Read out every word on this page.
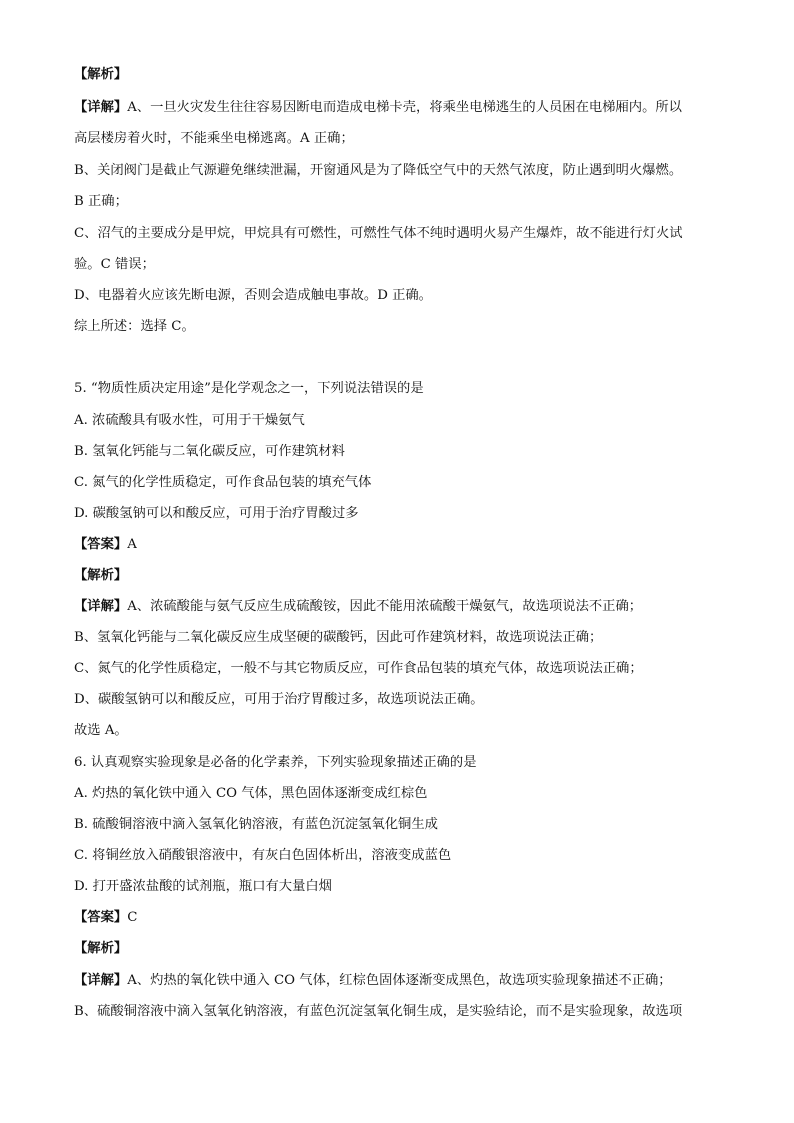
【解析】
【详解】A、一旦火灾发生往往容易因断电而造成电梯卡壳，将乘坐电梯逃生的人员困在电梯厢内。所以
高层楼房着火时，不能乘坐电梯逃离。A 正确；
B、关闭阀门是截止气源避免继续泄漏，开窗通风是为了降低空气中的天然气浓度，防止遇到明火爆燃。
B 正确；
C、沼气的主要成分是甲烷，甲烷具有可燃性，可燃性气体不纯时遇明火易产生爆炸，故不能进行灯火试
验。C 错误；
D、电器着火应该先断电源，否则会造成触电事故。D 正确。
综上所述：选择 C。
5. “物质性质决定用途”是化学观念之一，下列说法错误的是
A. 浓硫酸具有吸水性，可用于干燥氨气
B. 氢氧化钙能与二氧化碳反应，可作建筑材料
C. 氮气的化学性质稳定，可作食品包装的填充气体
D. 碳酸氢钠可以和酸反应，可用于治疗胃酸过多
【答案】A
【解析】
【详解】A、浓硫酸能与氨气反应生成硫酸铵，因此不能用浓硫酸干燥氨气，故选项说法不正确；
B、氢氧化钙能与二氧化碳反应生成坚硬的碳酸钙，因此可作建筑材料，故选项说法正确；
C、氮气的化学性质稳定，一般不与其它物质反应，可作食品包装的填充气体，故选项说法正确；
D、碳酸氢钠可以和酸反应，可用于治疗胃酸过多，故选项说法正确。
故选 A。
6. 认真观察实验现象是必备的化学素养，下列实验现象描述正确的是
A. 灼热的氧化铁中通入 CO 气体，黑色固体逐渐变成红棕色
B. 硫酸铜溶液中滴入氢氧化钠溶液，有蓝色沉淀氢氧化铜生成
C. 将铜丝放入硝酸银溶液中，有灰白色固体析出，溶液变成蓝色
D. 打开盛浓盐酸的试剂瓶，瓶口有大量白烟
【答案】C
【解析】
【详解】A、灼热的氧化铁中通入 CO 气体，红棕色固体逐渐变成黑色，故选项实验现象描述不正确；
B、硫酸铜溶液中滴入氢氧化钠溶液，有蓝色沉淀氢氧化铜生成，是实验结论，而不是实验现象，故选项
